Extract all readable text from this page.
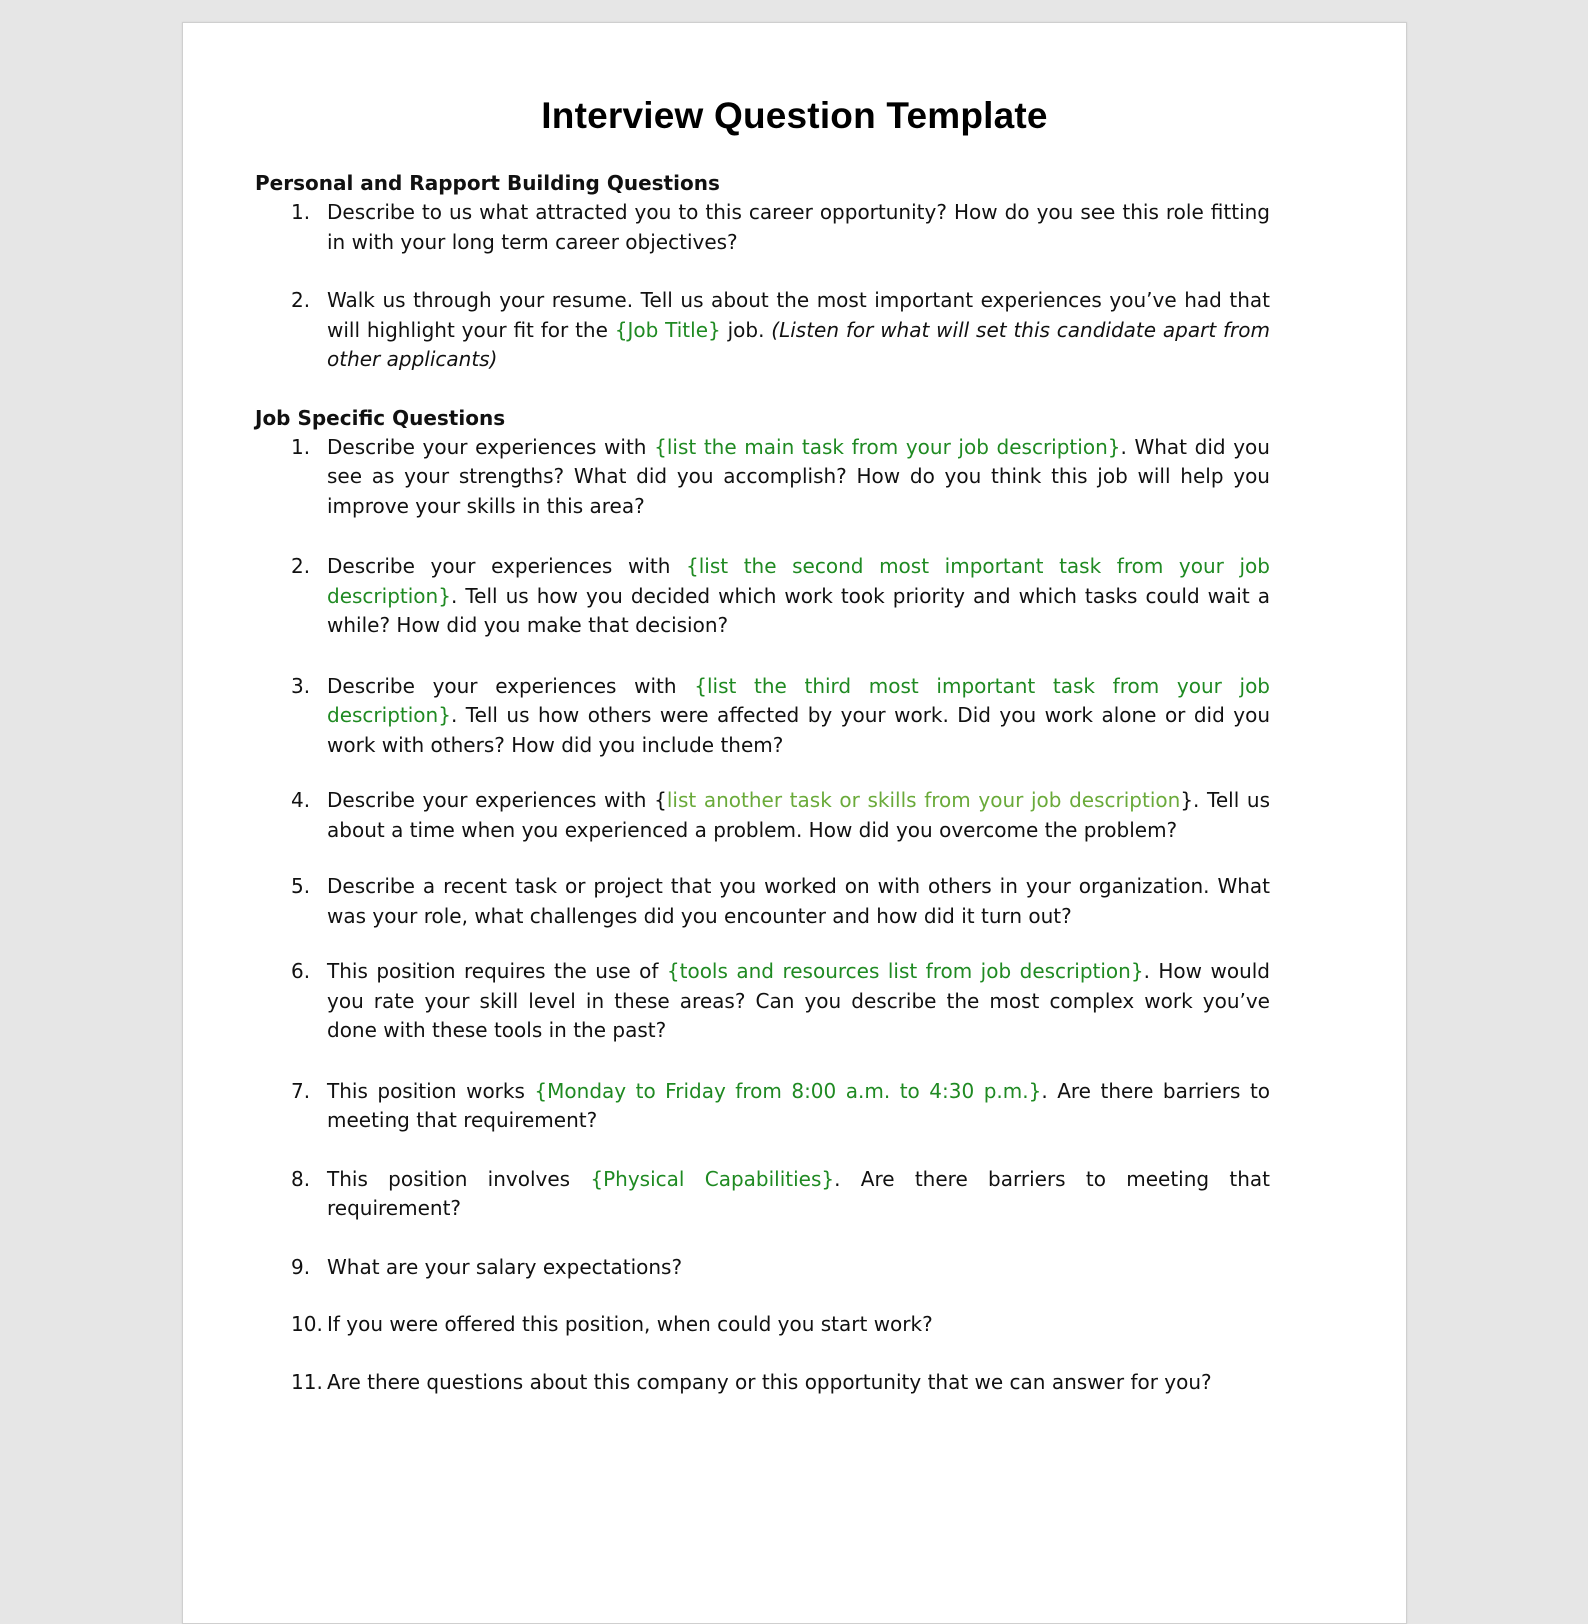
Interview Question Template

Personal and Rapport Building Questions

1. Describe to us what attracted you to this career opportunity? How do you see this role fitting in with your long term career objectives?
2. Walk us through your resume. Tell us about the most important experiences you’ve had that will highlight your fit for the {Job Title} job. (Listen for what will set this candidate apart from other applicants)

Job Specific Questions

1. Describe your experiences with {list the main task from your job description}. What did you see as your strengths? What did you accomplish? How do you think this job will help you improve your skills in this area?
2. Describe your experiences with {list the second most important task from your job description}. Tell us how you decided which work took priority and which tasks could wait a while? How did you make that decision?
3. Describe your experiences with {list the third most important task from your job description}. Tell us how others were affected by your work. Did you work alone or did you work with others? How did you include them?
4. Describe your experiences with {list another task or skills from your job description}. Tell us about a time when you experienced a problem. How did you overcome the problem?
5. Describe a recent task or project that you worked on with others in your organization. What was your role, what challenges did you encounter and how did it turn out?
6. This position requires the use of {tools and resources list from job description}. How would you rate your skill level in these areas? Can you describe the most complex work you’ve done with these tools in the past?
7. This position works {Monday to Friday from 8:00 a.m. to 4:30 p.m.}. Are there barriers to meeting that requirement?
8. This position involves {Physical Capabilities}. Are there barriers to meeting that requirement?
9. What are your salary expectations?
10. If you were offered this position, when could you start work?
11. Are there questions about this company or this opportunity that we can answer for you?
